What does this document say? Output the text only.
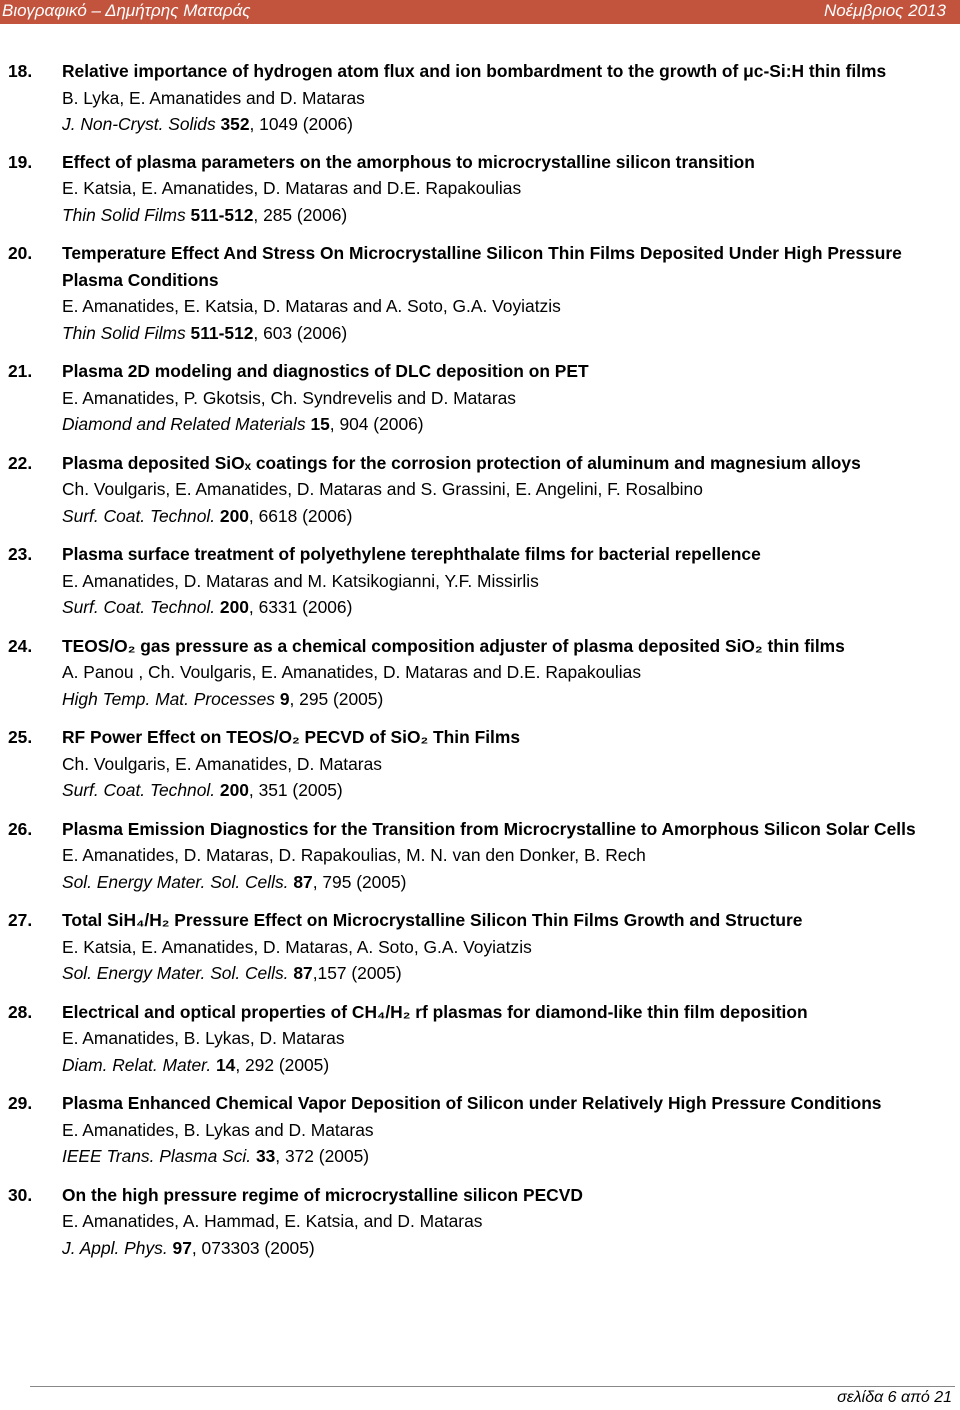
Βιογραφικό – Δημήτρης Ματαράς	Νοέμβριος 2013
18. Relative importance of hydrogen atom flux and ion bombardment to the growth of μc-Si:H thin films
B. Lyka, E. Amanatides and D. Mataras
J. Non-Cryst. Solids 352, 1049 (2006)
19. Effect of plasma parameters on the amorphous to microcrystalline silicon transition
E. Katsia, E. Amanatides, D. Mataras and D.E. Rapakoulias
Thin Solid Films 511-512, 285 (2006)
20. Temperature Effect And Stress On Microcrystalline Silicon Thin Films Deposited Under High Pressure Plasma Conditions
E. Amanatides, E. Katsia, D. Mataras and A. Soto, G.A. Voyiatzis
Thin Solid Films 511-512, 603 (2006)
21. Plasma 2D modeling and diagnostics of DLC deposition on PET
E. Amanatides, P. Gkotsis, Ch. Syndrevelis and D. Mataras
Diamond and Related Materials 15, 904 (2006)
22. Plasma deposited SiOₓ coatings for the corrosion protection of aluminum and magnesium alloys
Ch. Voulgaris, E. Amanatides, D. Mataras and S. Grassini, E. Angelini, F. Rosalbino
Surf. Coat. Technol. 200, 6618 (2006)
23. Plasma surface treatment of polyethylene terephthalate films for bacterial repellence
E. Amanatides, D. Mataras and M. Katsikogianni, Y.F. Missirlis
Surf. Coat. Technol. 200, 6331 (2006)
24. TEOS/O₂ gas pressure as a chemical composition adjuster of plasma deposited SiO₂ thin films
A. Panou , Ch. Voulgaris, E. Amanatides, D. Mataras and D.E. Rapakoulias
High Temp. Mat. Processes 9, 295 (2005)
25. RF Power Effect on TEOS/O₂ PECVD of SiO₂ Thin Films
Ch. Voulgaris, E. Amanatides, D. Mataras
Surf. Coat. Technol. 200, 351 (2005)
26. Plasma Emission Diagnostics for the Transition from Microcrystalline to Amorphous Silicon Solar Cells
E. Amanatides, D. Mataras, D. Rapakoulias, M. N. van den Donker, B. Rech
Sol. Energy Mater. Sol. Cells. 87, 795 (2005)
27. Total SiH₄/H₂ Pressure Effect on Microcrystalline Silicon Thin Films Growth and Structure
E. Katsia, E. Amanatides, D. Mataras, A. Soto, G.A. Voyiatzis
Sol. Energy Mater. Sol. Cells. 87,157 (2005)
28. Electrical and optical properties of CH₄/H₂ rf plasmas for diamond-like thin film deposition
E. Amanatides, B. Lykas, D. Mataras
Diam. Relat. Mater. 14, 292 (2005)
29. Plasma Enhanced Chemical Vapor Deposition of Silicon under Relatively High Pressure Conditions
E. Amanatides, B. Lykas and D. Mataras
IEEE Trans. Plasma Sci. 33, 372 (2005)
30. On the high pressure regime of microcrystalline silicon PECVD
E. Amanatides, A. Hammad, E. Katsia, and D. Mataras
J. Appl. Phys. 97, 073303 (2005)
σελίδα 6 από 21
